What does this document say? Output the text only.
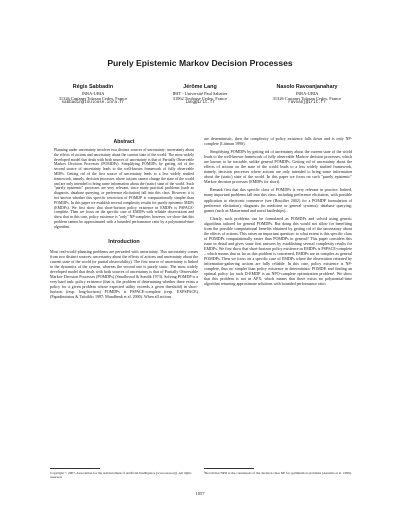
Purely Epistemic Markov Decision Processes
Régis Sabbadin
INRA-UBIA
31326 Castanet Tolosan Cedex, France
sabbadin@toulouse.inra.fr
Jérôme Lang
IRIT - Université Paul Sabatier
31062 Toulouse Cedex, France
lang@irit.fr
Nasolo Ravoanjanahary
INRA-UBIA
31326 Castanet Tolosan Cedex, France
ravoanj@irit.fr
Abstract

Planning under uncertainty involves two distinct sources of uncertainty: uncertainty about the effects of actions and uncertainty about the current state of the world. The most widely developed model that deals with both sources of uncertainty is that of Partially Observable Markov Decision Processes (POMDPs). Simplifying POMDPs by getting rid of the second source of uncertainty leads to the well-known framework of fully observable MDPs. Getting rid of the first source of uncertainty leads to a less widely studied framework, namely, decision processes where actions cannot change the state of the world and are only intended to bring some information about the (static) state of the world. Such "purely epistemic" processes are very relevant, since many practical problems (such as diagnosis, database querying, or preference elicitation) fall into this class. However, it is not known whether this specific restriction of POMDP is computationally simpler than POMDPs. In this paper we establish several complexity results for purely epistemic MDPs (EMDPs). We first show that short-horizon policy existence in EMDPs is PSPACE-complete. Then we focus on the specific case of EMDPs with reliable observations and show that in this case, policy existence is "only" NP-complete; however, we show that this problem cannot be approximated with a bounded performance ratio by a polynomial-time algorithm.

Introduction

Most real-world planning problems are pervaded with uncertainty. This uncertainty comes from two distinct sources: uncertainty about the effects of actions and uncertainty about the current state of the world (or partial observability). The first source of uncertainty is linked to the dynamics of the system, whereas the second one is purely static. The most widely developed model that deals with both sources of uncertainty is that of Partially Observable Markov Decision Processes (POMDPs) (Smallwood & Sondik 1973). Solving POMDP is a very hard task: policy existence (that is, the problem of determining whether there exists a policy for a given problem whose expected utility exceeds a given threshold) in short-horizon (resp. long-horizon) POMDPs is PSPACE-complete (resp. EXPSPACE) (Papadimitriou & Tsitsiklis 1987; Mundhenk et al. 2000). When all actions

are deterministic, then the complexity of policy existence falls down and is only NP-complete (Littman 1996).

Simplifying POMDPs by getting rid of uncertainty about the current state of the world leads to the well-known framework of fully observable Markov decision processes, which are known to be tractable, unlike general POMDPs. Getting rid of uncertainty about the effects of actions on the state of the world leads to a less widely studied framework, namely, decision processes where actions are only intended to bring some information about the (static) state of the world. In this paper we focus on such "purely epistemic" Markov decision processes (EMDPs for short).

Remark first that this specific class of POMDPs is very relevant in practice. Indeed, many important problems fall into this class, including preference elicitation, with possible application to electronic commerce (see (Boutilier 2002) for a POMDP formulation of preference elicitation); diagnosis (in medicine or general systems); database querying; games (such as Mastermind and naval battleships)...

Clearly, such problems can be formulated as POMDPs and solved using generic algorithms tailored for general POMDPs. But doing this would not allow for benefiting from the possible computational benefits obtained by getting rid of the uncertainty about the effects of actions. This raises an important question: to what extent is this specific class of POMDPs computationally easier than POMDPs in general? This paper considers this issue in detail and gives some first answers by establishing several complexity results for EMDPs. We first show that short-horizon policy existence in EMDPs is PSPACE-complete – which means that as far as this problem is concerned, EMDPs are as complex as general POMDPs. Then we focus on a specific case of EMDPs where the observation returned by information-gathering actions are fully reliable. In this case, policy existence is NP-complete, thus no simpler than policy existence in deterministic POMDP, and finding an optimal policy for such D-EMDP is an NPO-complete optimization problem¹. We show that this problem is not in APX, which means that there exists no polynomial-time algorithm returning approximate solutions with bounded performance ratio.

Copyright © 2007, Association for the Advancement of Artificial Intelligence (www.aaai.org). All rights reserved.
¹Recall that NPO is the counterpart of the decision class NP for optimization problems (Ausiello et al. 1999).
1057
